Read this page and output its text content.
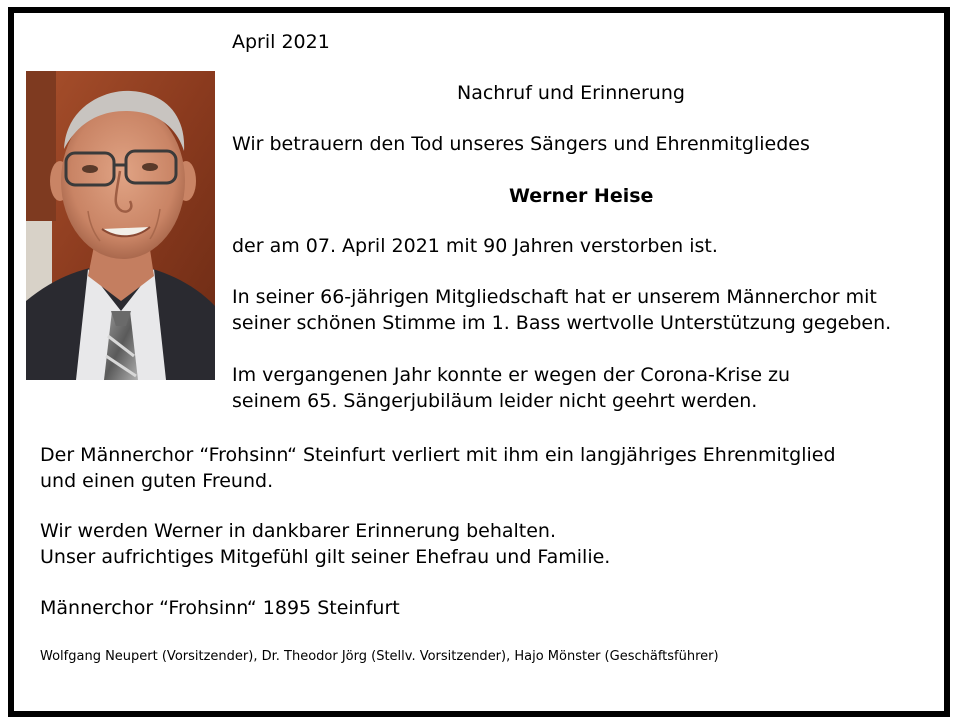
April 2021
Nachruf und Erinnerung
Wir betrauern den Tod unseres Sängers und Ehrenmitgliedes
Werner Heise
der am 07. April 2021 mit 90 Jahren verstorben ist.
In seiner 66-jährigen Mitgliedschaft hat er unserem Männerchor mit
seiner schönen Stimme im 1. Bass wertvolle Unterstützung gegeben.
Im vergangenen Jahr konnte er wegen der Corona-Krise zu
seinem 65. Sängerjubiläum leider nicht geehrt werden.
Der Männerchor “Frohsinn“ Steinfurt verliert mit ihm ein langjähriges Ehrenmitglied
und einen guten Freund.
Wir werden Werner in dankbarer Erinnerung behalten.
Unser aufrichtiges Mitgefühl gilt seiner Ehefrau und Familie.
Männerchor “Frohsinn“ 1895 Steinfurt
Wolfgang Neupert (Vorsitzender), Dr. Theodor Jörg (Stellv. Vorsitzender), Hajo Mönster (Geschäftsführer)
